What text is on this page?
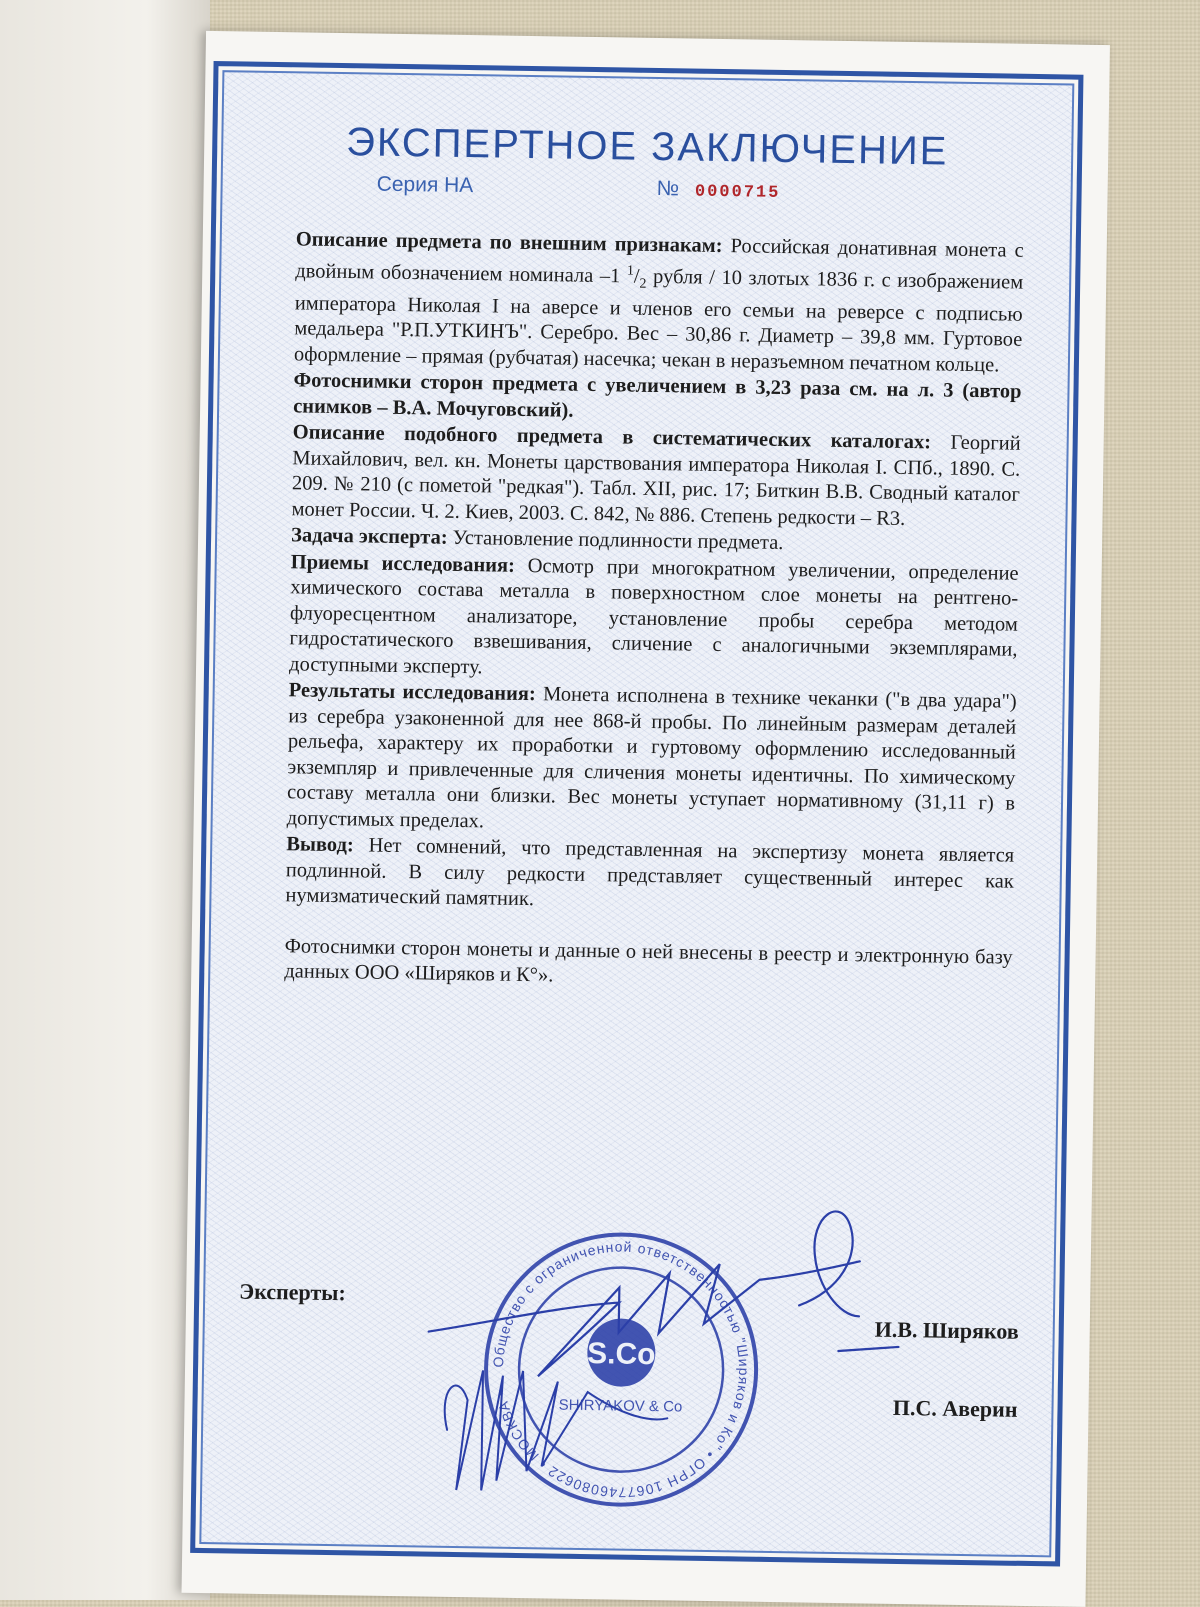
ЭКСПЕРТНОЕ ЗАКЛЮЧЕНИЕ
Серия НА	№ 0000715

Описание предмета по внешним признакам: Российская донативная монета с двойным обозначением номинала –1 $^1/_2$ рубля / 10 злотых 1836 г. с изображением императора Николая I на аверсе и членов его семьи на реверсе с подписью медальера "Р.П.УТКИНЪ". Серебро. Вес – 30,86 г. Диаметр – 39,8 мм. Гуртовое оформление – прямая (рубчатая) насечка; чекан в неразъемном печатном кольце.

Фотоснимки сторон предмета с увеличением в 3,23 раза см. на л. 3 (автор снимков – В.А. Мочуговский).

Описание подобного предмета в систематических каталогах: Георгий Михайлович, вел. кн. Монеты царствования императора Николая I. СПб., 1890. С. 209. № 210 (с пометой "редкая"). Табл. XII, рис. 17; Биткин В.В. Сводный каталог монет России. Ч. 2. Киев, 2003. С. 842, № 886. Степень редкости – R3.

Задача эксперта: Установление подлинности предмета.

Приемы исследования: Осмотр при многократном увеличении, определение химического состава металла в поверхностном слое монеты на рентгено-флуоресцентном анализаторе, установление пробы серебра методом гидростатического взвешивания, сличение с аналогичными экземплярами, доступными эксперту.

Результаты исследования: Монета исполнена в технике чеканки ("в два удара") из серебра узаконенной для нее 868-й пробы. По линейным размерам деталей рельефа, характеру их проработки и гуртовому оформлению исследованный экземпляр и привлеченные для сличения монеты идентичны. По химическому составу металла они близки. Вес монеты уступает нормативному (31,11 г) в допустимых пределах.

Вывод: Нет сомнений, что представленная на экспертизу монета является подлинной. В силу редкости представляет существенный интерес как нумизматический памятник.

Фотоснимки сторон монеты и данные о ней внесены в реестр и электронную базу данных ООО «Ширяков и К°».

Эксперты:
И.В. Ширяков
П.С. Аверин
Общество с ограниченной ответственностью "Ширяков и Ко" • ОГРН 1067746080622 • МОСКВА •
S.Co
SHIRYAKOV & Co
